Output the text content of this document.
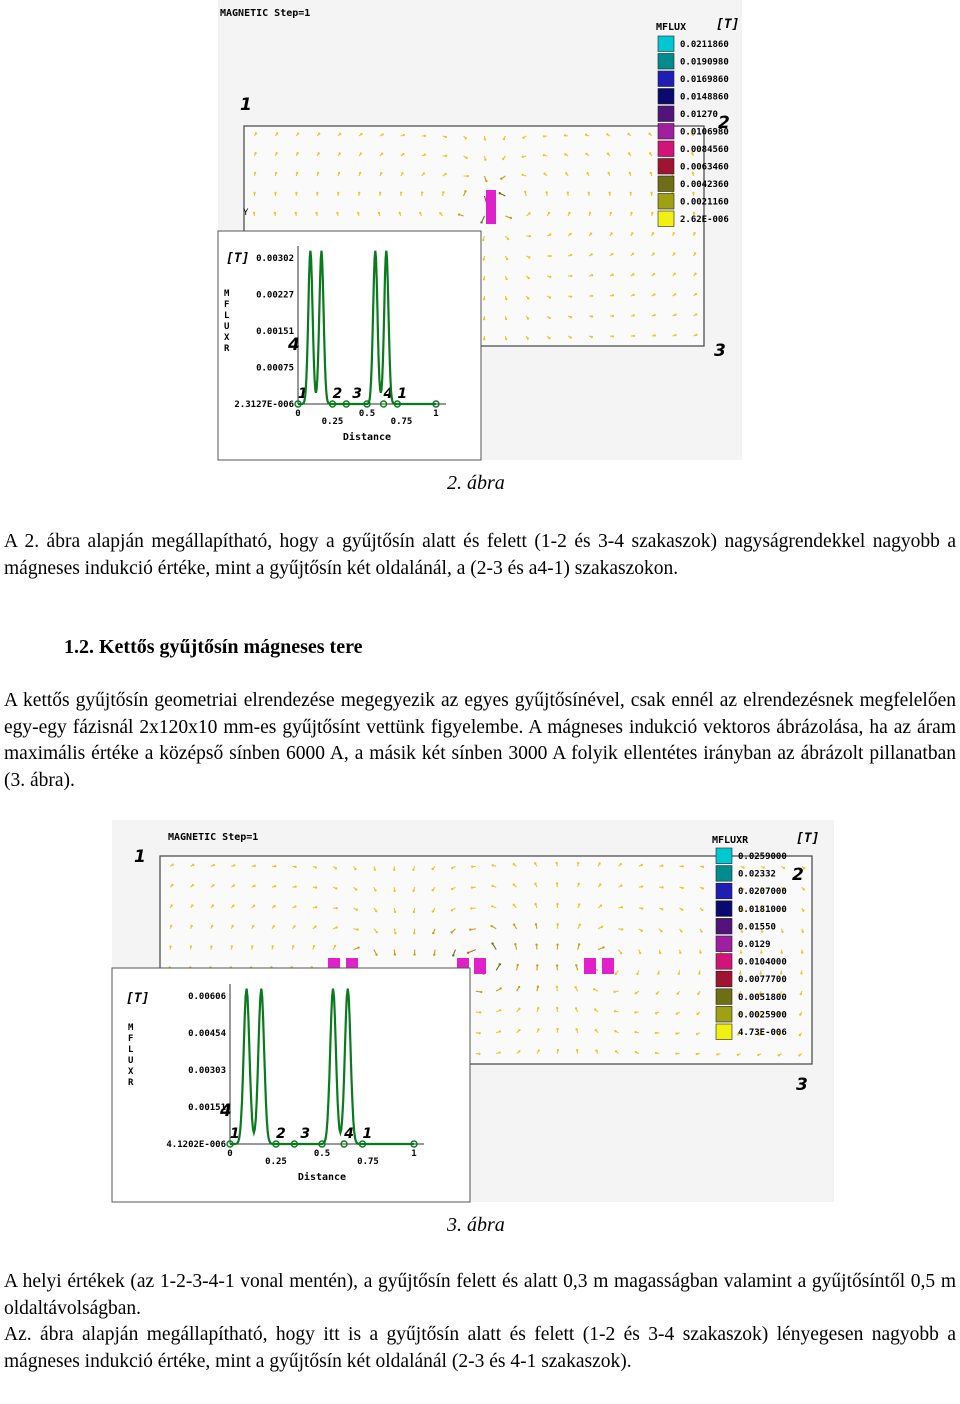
MAGNETIC Step=1
1
2
3
Y
MFLUX [T]
0.0211860
0.0190980
0.0169860
0.0148860
0.01270
0.0106980
0.0084560
0.0063460
0.0042360
0.0021160
2.62E-006
[T]
M
F
L
U
X
R
0.00302
0.00227
0.00151
0.00075
2.3127E-006
0
0.25
0.5
0.75
1
Distance
1 2 3 4 1
4
MAGNETIC Step=1
1
2
3
MFLUXR	[T]
0.0259000
0.02332
0.0207000
0.0181000
0.01550
0.0129
0.0104000
0.0077700
0.0051800
0.0025900
4.73E-006
[T]
M
F
L
U
X
R
0.00606
0.00454
0.00303
0.00151
4.1202E-006
0
0.25
0.5
0.75
1
Distance
1	2 3 4 1
4
2. ábra
A 2. ábra alapján megállapítható, hogy a gyűjtősín alatt és felett (1-2 és 3-4 szakaszok) nagyságrendekkel nagyobb a mágneses indukció értéke, mint a gyűjtősín két oldalánál, a (2-3 és a4-1) szakaszokon.
1.2. Kettős gyűjtősín mágneses tere
A kettős gyűjtősín geometriai elrendezése megegyezik az egyes gyűjtősínével, csak ennél az elrendezésnek megfelelően egy-egy fázisnál 2x120x10 mm-es gyűjtősínt vettünk figyelembe. A mágneses indukció vektoros ábrázolása, ha az áram maximális értéke a középső sínben 6000 A, a másik két sínben 3000 A folyik ellentétes irányban az ábrázolt pillanatban (3. ábra).
3. ábra
A helyi értékek (az 1-2-3-4-1 vonal mentén), a gyűjtősín felett és alatt 0,3 m magasságban valamint a gyűjtősíntől 0,5 m oldaltávolságban.
Az. ábra alapján megállapítható, hogy itt is a gyűjtősín alatt és felett (1-2 és 3-4 szakaszok) lényegesen nagyobb a mágneses indukció értéke, mint a gyűjtősín két oldalánál (2-3 és 4-1 szakaszok).
